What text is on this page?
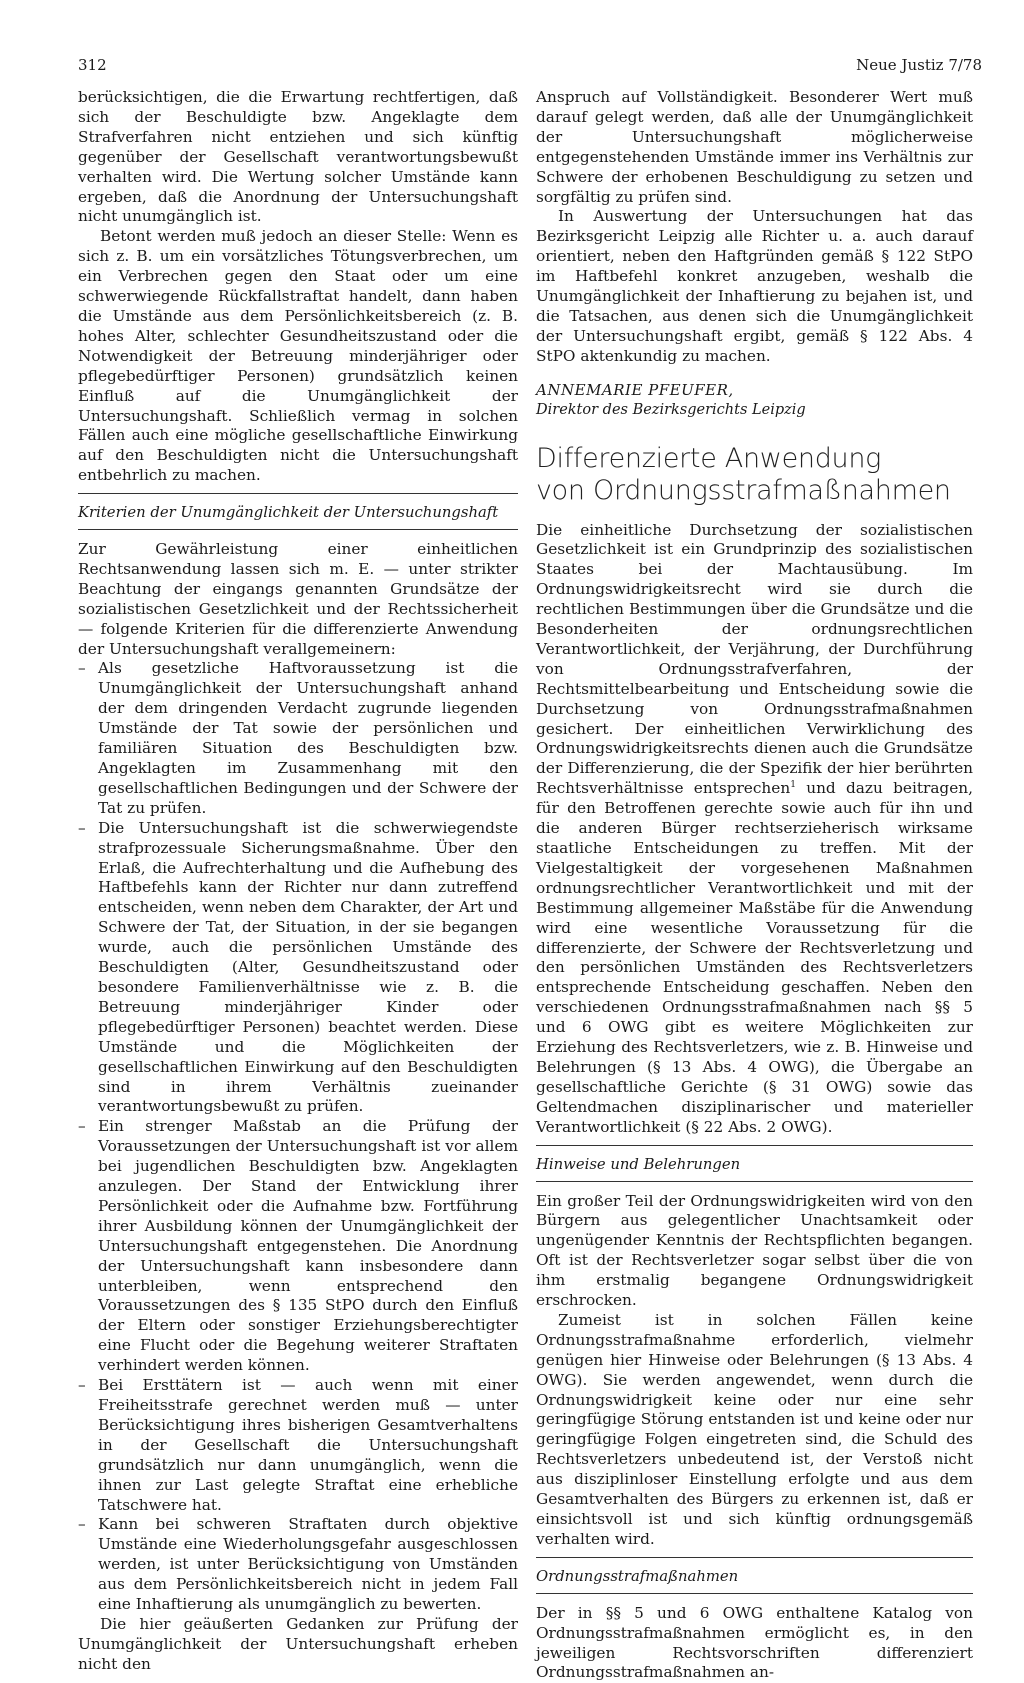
312	Neue Justiz 7/78

berücksichtigen, die die Erwartung rechtfertigen, daß sich der Beschuldigte bzw. Angeklagte dem Strafverfahren nicht entziehen und sich künftig gegenüber der Gesellschaft verantwortungsbewußt verhalten wird. Die Wertung solcher Umstände kann ergeben, daß die Anordnung der Untersuchungshaft nicht unumgänglich ist.

Betont werden muß jedoch an dieser Stelle: Wenn es sich z. B. um ein vorsätzliches Tötungsverbrechen, um ein Verbrechen gegen den Staat oder um eine schwerwiegende Rückfallstraftat handelt, dann haben die Umstände aus dem Persönlichkeitsbereich (z. B. hohes Alter, schlechter Gesundheitszustand oder die Notwendigkeit der Betreuung minderjähriger oder pflegebedürftiger Personen) grundsätzlich keinen Einfluß auf die Unumgänglichkeit der Untersuchungshaft. Schließlich vermag in solchen Fällen auch eine mögliche gesellschaftliche Einwirkung auf den Beschuldigten nicht die Untersuchungshaft entbehrlich zu machen.

Kriterien der Unumgänglichkeit der Untersuchungshaft

Zur Gewährleistung einer einheitlichen Rechtsanwendung lassen sich m. E. — unter strikter Beachtung der eingangs genannten Grundsätze der sozialistischen Gesetzlichkeit und der Rechtssicherheit — folgende Kriterien für die differenzierte Anwendung der Untersuchungshaft verallgemeinern:

– Als gesetzliche Haftvoraussetzung ist die Unumgänglichkeit der Untersuchungshaft anhand der dem dringenden Verdacht zugrunde liegenden Umstände der Tat sowie der persönlichen und familiären Situation des Beschuldigten bzw. Angeklagten im Zusammenhang mit den gesellschaftlichen Bedingungen und der Schwere der Tat zu prüfen.
– Die Untersuchungshaft ist die schwerwiegendste strafprozessuale Sicherungsmaßnahme. Über den Erlaß, die Aufrechterhaltung und die Aufhebung des Haftbefehls kann der Richter nur dann zutreffend entscheiden, wenn neben dem Charakter, der Art und Schwere der Tat, der Situation, in der sie begangen wurde, auch die persönlichen Umstände des Beschuldigten (Alter, Gesundheitszustand oder besondere Familienverhältnisse wie z. B. die Betreuung minderjähriger Kinder oder pflegebedürftiger Personen) beachtet werden. Diese Umstände und die Möglichkeiten der gesellschaftlichen Einwirkung auf den Beschuldigten sind in ihrem Verhältnis zueinander verantwortungsbewußt zu prüfen.
– Ein strenger Maßstab an die Prüfung der Voraussetzungen der Untersuchungshaft ist vor allem bei jugendlichen Beschuldigten bzw. Angeklagten anzulegen. Der Stand der Entwicklung ihrer Persönlichkeit oder die Aufnahme bzw. Fortführung ihrer Ausbildung können der Unumgänglichkeit der Untersuchungshaft entgegenstehen. Die Anordnung der Untersuchungshaft kann insbesondere dann unterbleiben, wenn entsprechend den Voraussetzungen des § 135 StPO durch den Einfluß der Eltern oder sonstiger Erziehungsberechtigter eine Flucht oder die Begehung weiterer Straftaten verhindert werden können.
– Bei Ersttätern ist — auch wenn mit einer Freiheitsstrafe gerechnet werden muß — unter Berücksichtigung ihres bisherigen Gesamtverhaltens in der Gesellschaft die Untersuchungshaft grundsätzlich nur dann unumgänglich, wenn die ihnen zur Last gelegte Straftat eine erhebliche Tatschwere hat.
– Kann bei schweren Straftaten durch objektive Umstände eine Wiederholungsgefahr ausgeschlossen werden, ist unter Berücksichtigung von Umständen aus dem Persönlichkeitsbereich nicht in jedem Fall eine Inhaftierung als unumgänglich zu bewerten.

Die hier geäußerten Gedanken zur Prüfung der Unumgänglichkeit der Untersuchungshaft erheben nicht den

Anspruch auf Vollständigkeit. Besonderer Wert muß darauf gelegt werden, daß alle der Unumgänglichkeit der Untersuchungshaft möglicherweise entgegenstehenden Umstände immer ins Verhältnis zur Schwere der erhobenen Beschuldigung zu setzen und sorgfältig zu prüfen sind.

In Auswertung der Untersuchungen hat das Bezirksgericht Leipzig alle Richter u. a. auch darauf orientiert, neben den Haftgründen gemäß § 122 StPO im Haftbefehl konkret anzugeben, weshalb die Unumgänglichkeit der Inhaftierung zu bejahen ist, und die Tatsachen, aus denen sich die Unumgänglichkeit der Untersuchungshaft ergibt, gemäß § 122 Abs. 4 StPO aktenkundig zu machen.

ANNEMARIE PFEUFER,

Direktor des Bezirksgerichts Leipzig

Differenzierte Anwendung
von Ordnungsstrafmaßnahmen

Die einheitliche Durchsetzung der sozialistischen Gesetzlichkeit ist ein Grundprinzip des sozialistischen Staates bei der Machtausübung. Im Ordnungswidrigkeitsrecht wird sie durch die rechtlichen Bestimmungen über die Grundsätze und die Besonderheiten der ordnungsrechtlichen Verantwortlichkeit, der Verjährung, der Durchführung von Ordnungsstrafverfahren, der Rechtsmittelbearbeitung und Entscheidung sowie die Durchsetzung von Ordnungsstrafmaßnahmen gesichert. Der einheitlichen Verwirklichung des Ordnungswidrigkeitsrechts dienen auch die Grundsätze der Differenzierung, die der Spezifik der hier berührten Rechtsverhältnisse entsprechen$^1$ und dazu beitragen, für den Betroffenen gerechte sowie auch für ihn und die anderen Bürger rechtserzieherisch wirksame staatliche Entscheidungen zu treffen. Mit der Vielgestaltigkeit der vorgesehenen Maßnahmen ordnungsrechtlicher Verantwortlichkeit und mit der Bestimmung allgemeiner Maßstäbe für die Anwendung wird eine wesentliche Voraussetzung für die differenzierte, der Schwere der Rechtsverletzung und den persönlichen Umständen des Rechtsverletzers entsprechende Entscheidung geschaffen. Neben den verschiedenen Ordnungsstrafmaßnahmen nach §§ 5 und 6 OWG gibt es weitere Möglichkeiten zur Erziehung des Rechtsverletzers, wie z. B. Hinweise und Belehrungen (§ 13 Abs. 4 OWG), die Übergabe an gesellschaftliche Gerichte (§ 31 OWG) sowie das Geltendmachen disziplinarischer und materieller Verantwortlichkeit (§ 22 Abs. 2 OWG).

Hinweise und Belehrungen

Ein großer Teil der Ordnungswidrigkeiten wird von den Bürgern aus gelegentlicher Unachtsamkeit oder ungenügender Kenntnis der Rechtspflichten begangen. Oft ist der Rechtsverletzer sogar selbst über die von ihm erstmalig begangene Ordnungswidrigkeit erschrocken.

Zumeist ist in solchen Fällen keine Ordnungsstrafmaßnahme erforderlich, vielmehr genügen hier Hinweise oder Belehrungen (§ 13 Abs. 4 OWG). Sie werden angewendet, wenn durch die Ordnungswidrigkeit keine oder nur eine sehr geringfügige Störung entstanden ist und keine oder nur geringfügige Folgen eingetreten sind, die Schuld des Rechtsverletzers unbedeutend ist, der Verstoß nicht aus disziplinloser Einstellung erfolgte und aus dem Gesamtverhalten des Bürgers zu erkennen ist, daß er einsichtsvoll ist und sich künftig ordnungsgemäß verhalten wird.

Ordnungsstrafmaßnahmen

Der in §§ 5 und 6 OWG enthaltene Katalog von Ordnungsstrafmaßnahmen ermöglicht es, in den jeweiligen Rechtsvorschriften differenziert Ordnungsstrafmaßnahmen an-
